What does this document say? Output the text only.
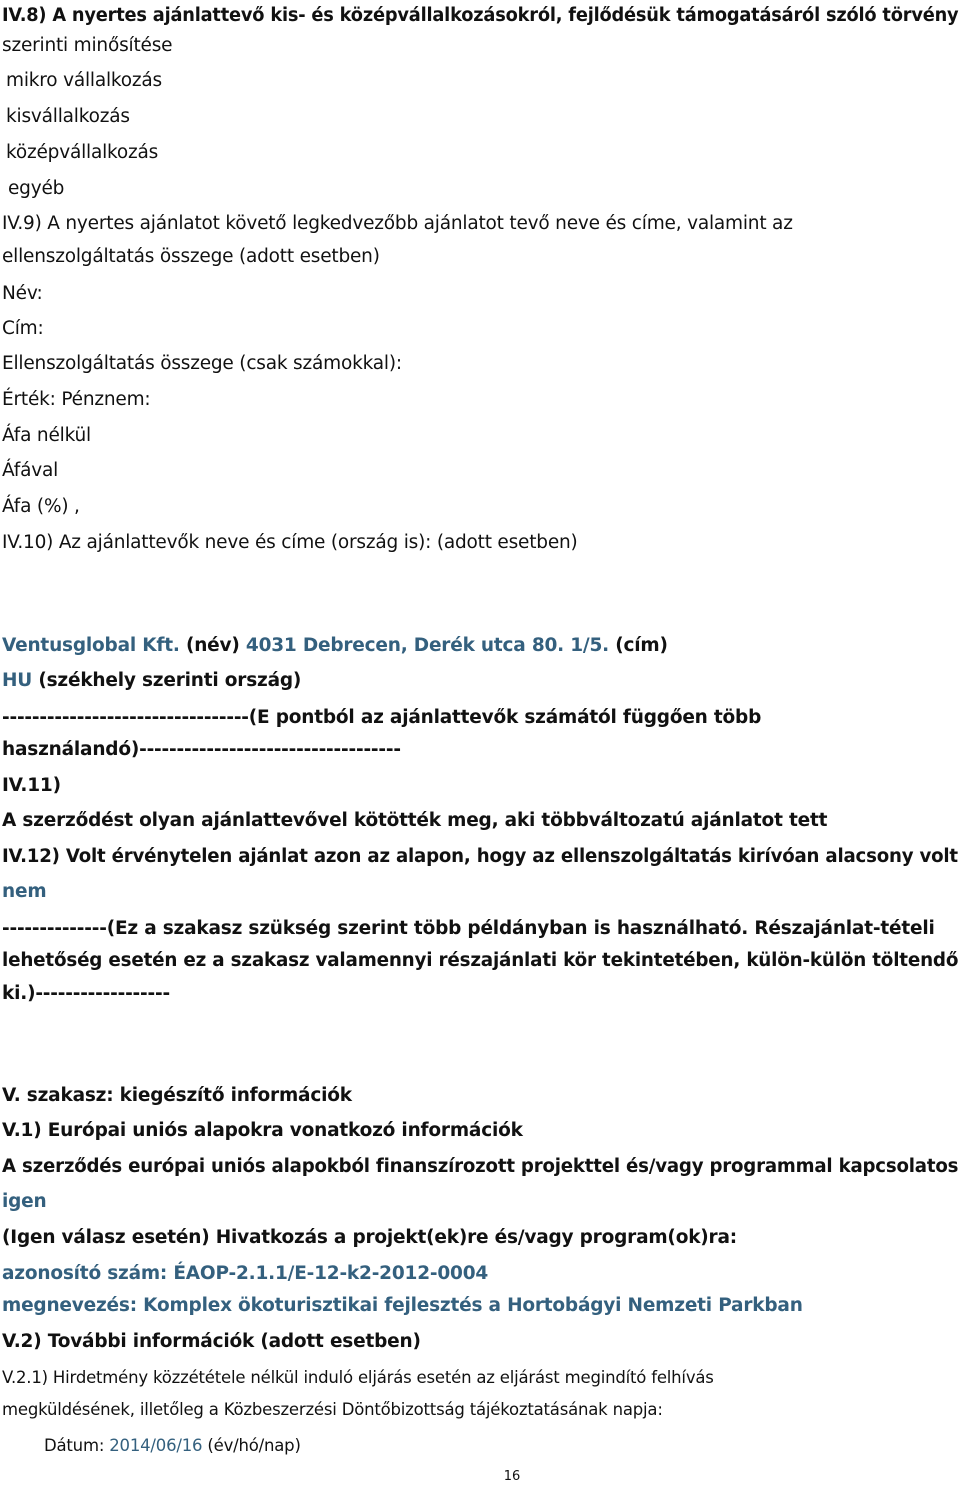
IV.8) A nyertes ajánlattevő kis- és középvállalkozásokról, fejlődésük támogatásáról szóló törvény
szerinti minősítése
mikro vállalkozás
kisvállalkozás
középvállalkozás
egyéb
IV.9) A nyertes ajánlatot követő legkedvezőbb ajánlatot tevő neve és címe, valamint az
ellenszolgáltatás összege (adott esetben)
Név:
Cím:
Ellenszolgáltatás összege (csak számokkal):
Érték: Pénznem:
Áfa nélkül
Áfával
Áfa (%) ,
IV.10) Az ajánlattevők neve és címe (ország is): (adott esetben)
Ventusglobal Kft. (név) 4031 Debrecen, Derék utca 80. 1/5. (cím)
HU (székhely szerinti ország)
---------------------------------(E pontból az ajánlattevők számától függően több
használandó)-----------------------------------
IV.11)
A szerződést olyan ajánlattevővel kötötték meg, aki többváltozatú ajánlatot tett
IV.12) Volt érvénytelen ajánlat azon az alapon, hogy az ellenszolgáltatás kirívóan alacsony volt
nem
--------------(Ez a szakasz szükség szerint több példányban is használható. Részajánlat-tételi
lehetőség esetén ez a szakasz valamennyi részajánlati kör tekintetében, külön-külön töltendő
ki.)------------------
V. szakasz: kiegészítő információk
V.1) Európai uniós alapokra vonatkozó információk
A szerződés európai uniós alapokból finanszírozott projekttel és/vagy programmal kapcsolatos
igen
(Igen válasz esetén) Hivatkozás a projekt(ek)re és/vagy program(ok)ra:
azonosító szám: ÉAOP-2.1.1/E-12-k2-2012-0004
megnevezés: Komplex ökoturisztikai fejlesztés a Hortobágyi Nemzeti Parkban
V.2) További információk (adott esetben)
V.2.1) Hirdetmény közzététele nélkül induló eljárás esetén az eljárást megindító felhívás
megküldésének, illetőleg a Közbeszerzési Döntőbizottság tájékoztatásának napja:
Dátum: 2014/06/16 (év/hó/nap)
16
